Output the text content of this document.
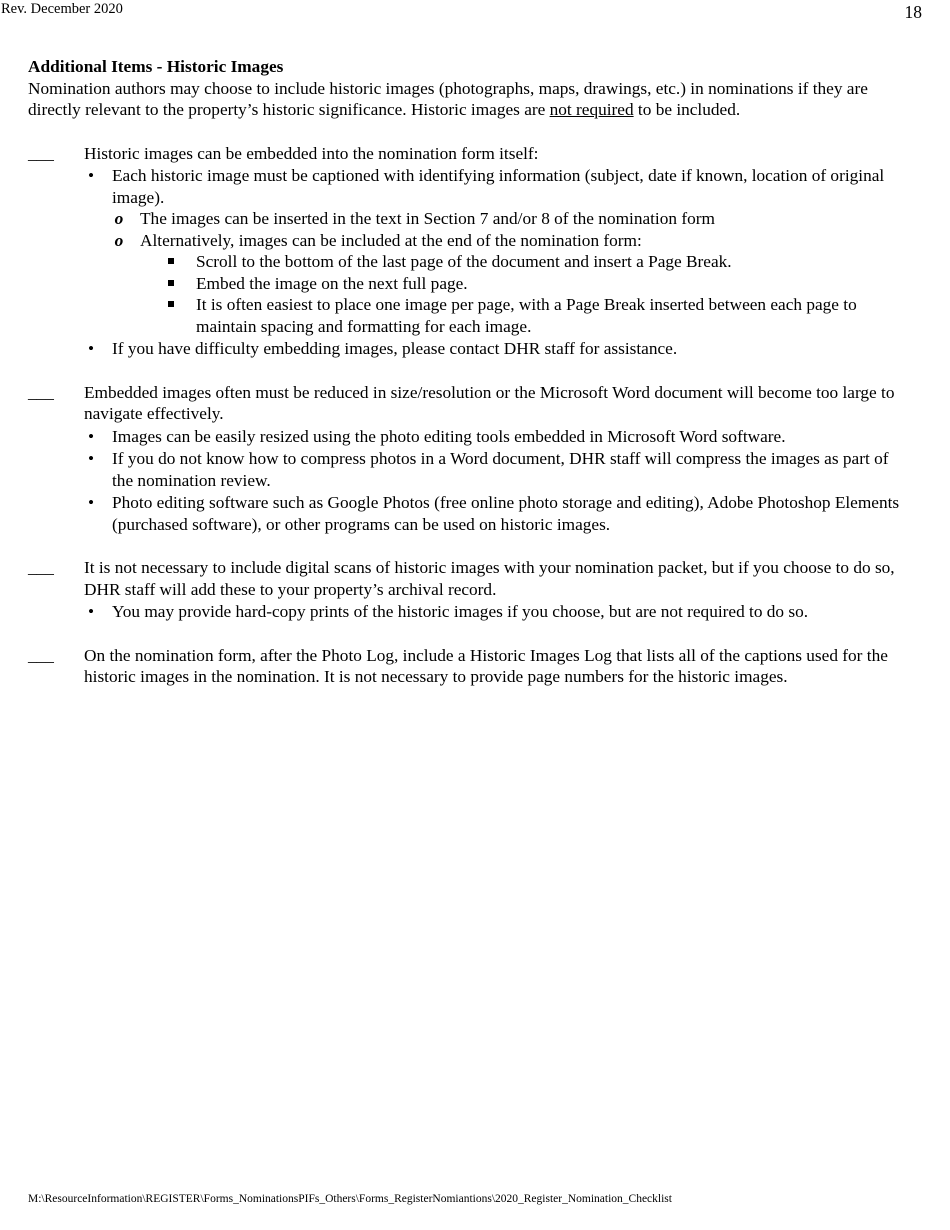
Rev. December 2020	18
Additional Items - Historic Images

Nomination authors may choose to include historic images (photographs, maps, drawings, etc.) in nominations if they are directly relevant to the property’s historic significance. Historic images are not required to be included.

___ Historic images can be embedded into the nomination form itself:

• Each historic image must be captioned with identifying information (subject, date if known, location of original image).
o The images can be inserted in the text in Section 7 and/or 8 of the nomination form
o Alternatively, images can be included at the end of the nomination form:
Scroll to the bottom of the last page of the document and insert a Page Break.
Embed the image on the next full page.
It is often easiest to place one image per page, with a Page Break inserted between each page to maintain spacing and formatting for each image.
• If you have difficulty embedding images, please contact DHR staff for assistance.
___ Embedded images often must be reduced in size/resolution or the Microsoft Word document will become too large to navigate effectively.

• Images can be easily resized using the photo editing tools embedded in Microsoft Word software.
• If you do not know how to compress photos in a Word document, DHR staff will compress the images as part of the nomination review.
• Photo editing software such as Google Photos (free online photo storage and editing), Adobe Photoshop Elements (purchased software), or other programs can be used on historic images.
___ It is not necessary to include digital scans of historic images with your nomination packet, but if you choose to do so, DHR staff will add these to your property’s archival record.

• You may provide hard-copy prints of the historic images if you choose, but are not required to do so.
___ On the nomination form, after the Photo Log, include a Historic Images Log that lists all of the captions used for the historic images in the nomination. It is not necessary to provide page numbers for the historic images.

M:\ResourceInformation\REGISTER\Forms_NominationsPIFs_Others\Forms_RegisterNomiantions\2020_Register_Nomination_Checklist
